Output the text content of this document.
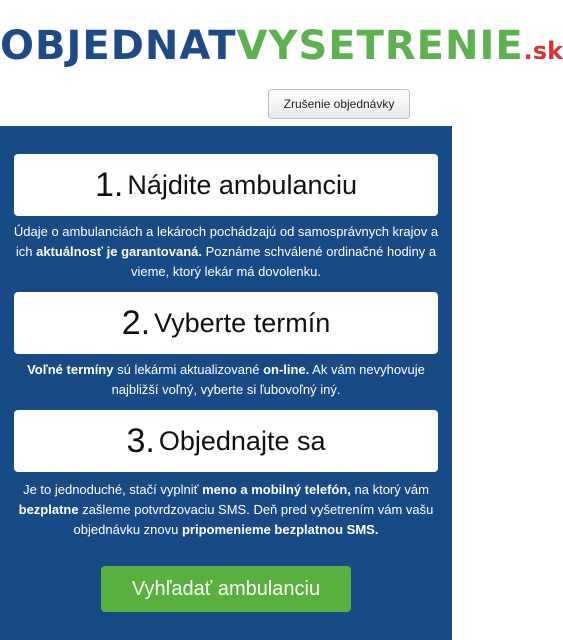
OBJEDNATVYSETRENIE.sk
Zrušenie objednávky
1. Nájdite ambulanciu
Údaje o ambulanciách a lekároch pochádzajú od samosprávnych krajov a ich aktuálnosť je garantovaná. Poznáme schválené ordinačné hodiny a vieme, ktorý lekár má dovolenku.
2. Vyberte termín
Voľné termíny sú lekármi aktualizované on-line. Ak vám nevyhovuje najbližší voľný, vyberte si ľubovoľný iný.
3. Objednajte sa
Je to jednoduché, stačí vyplniť meno a mobilný telefón, na ktorý vám bezplatne zašleme potvrdzovaciu SMS. Deň pred vyšetrením vám vašu objednávku znovu pripomenieme bezplatnou SMS.
Vyhľadať ambulanciu
